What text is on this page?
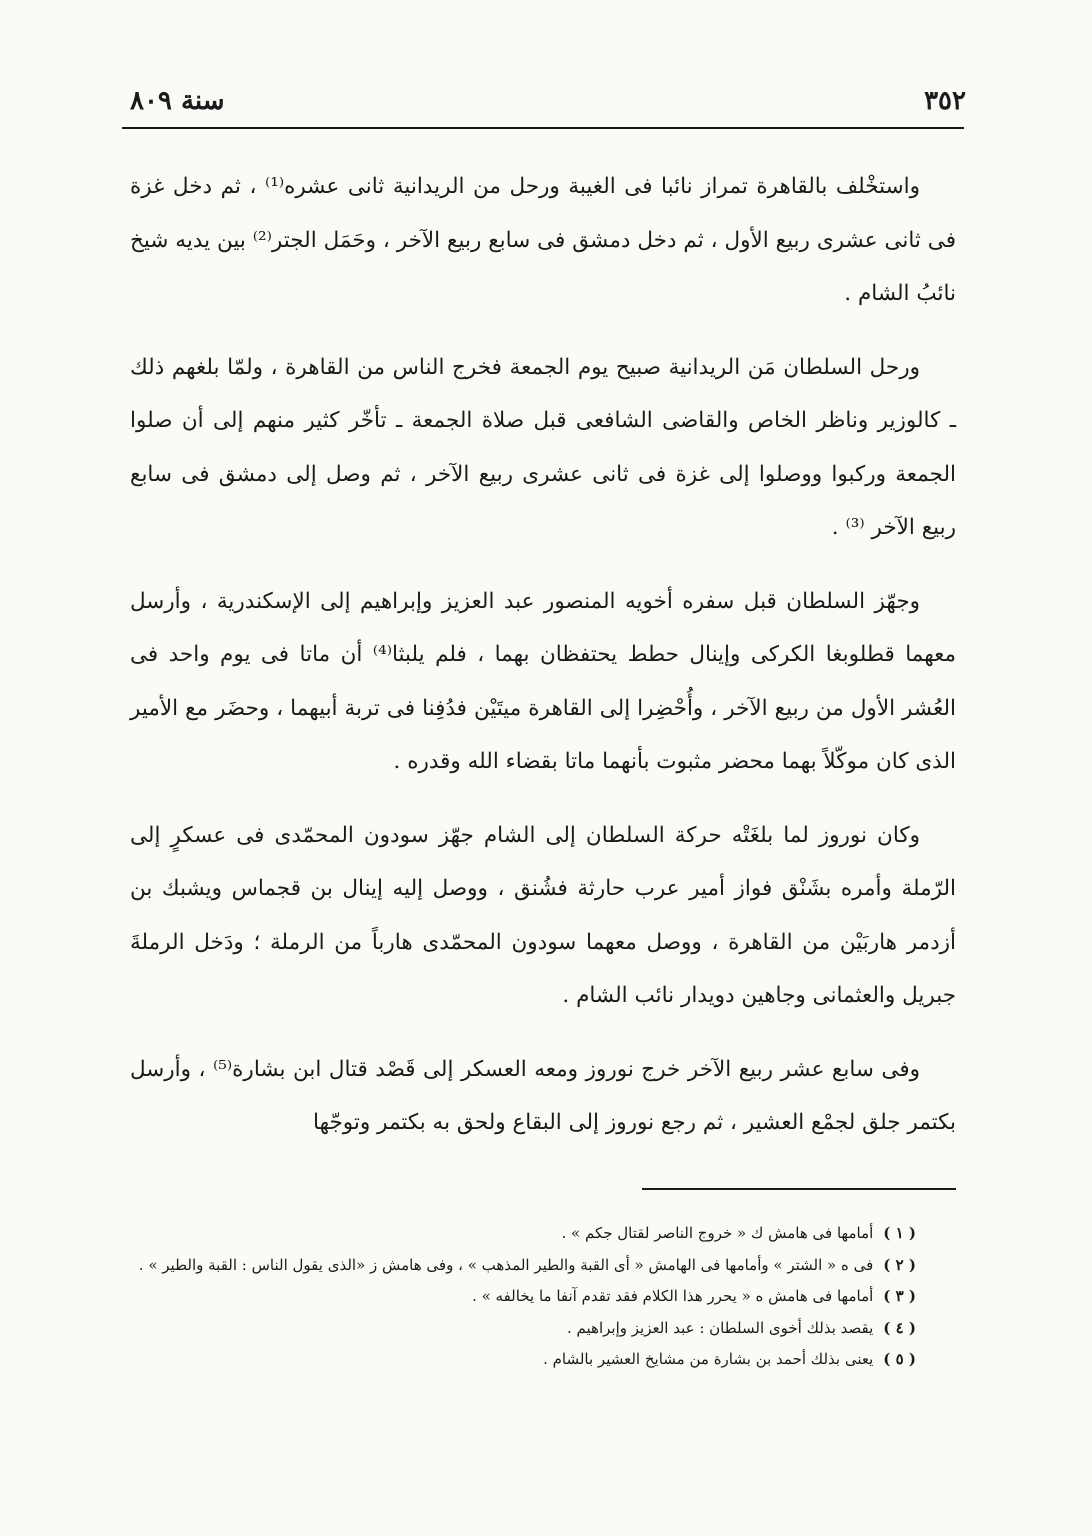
سنة ٨٠٩	٣٥٢

واستخْلف بالقاهرة تمراز نائبا فى الغيبة ورحل من الريدانية ثانى عشره⁽¹⁾ ، ثم دخل غزة فى ثانى عشرى ربيع الأول ، ثم دخل دمشق فى سابع ربيع الآخر ، وحَمَل الجتر⁽²⁾ بين يديه شيخ نائبُ الشام .

ورحل السلطان مَن الريدانية صبيح يوم الجمعة فخرج الناس من القاهرة ، ولمّا بلغهم ذلك ـ كالوزير وناظر الخاص والقاضى الشافعى قبل صلاة الجمعة ـ تأخّر كثير منهم إلى أن صلوا الجمعة وركبوا ووصلوا إلى غزة فى ثانى عشرى ربيع الآخر ، ثم وصل إلى دمشق فى سابع ربيع الآخر ⁽³⁾ .

وجهّز السلطان قبل سفره أخويه المنصور عبد العزيز وإبراهيم إلى الإسكندرية ، وأرسل معهما قطلوبغا الكركى وإينال حطط يحتفظان بهما ، فلم يلبثا⁽⁴⁾ أن ماتا فى يوم واحد فى العُشر الأول من ربيع الآخر ، وأُحْضِرا إلى القاهرة ميتَيْن فدُفِنا فى تربة أبيهما ، وحضَر مع الأمير الذى كان موكّلاً بهما محضر مثبوت بأنهما ماتا بقضاء الله وقدره .

وكان نوروز لما بلغَتْه حركة السلطان إلى الشام جهّز سودون المحمّدى فى عسكرٍ إلى الرّملة وأمره بشَنْق فواز أمير عرب حارثة فشُنق ، ووصل إليه إينال بن قجماس ويشبك بن أزدمر هاربَيْن من القاهرة ، ووصل معهما سودون المحمّدى هارباً من الرملة ؛ ودَخل الرملةَ جبريل والعثمانى وجاهين دويدار نائب الشام .

وفى سابع عشر ربيع الآخر خرج نوروز ومعه العسكر إلى قَصْد قتال ابن بشارة⁽⁵⁾ ، وأرسل بكتمر جلق لجمْع العشير ، ثم رجع نوروز إلى البقاع ولحق به بكتمر وتوجّها

( ١ )أمامها فى هامش ك « خروج الناصر لقتال جكم » .
( ٢ )فى ه « الشتر » وأمامها فى الهامش « أى القبة والطير المذهب » ، وفى هامش ز «الذى يقول الناس : القبة والطير » .
( ٣ )أمامها فى هامش ه « يحرر هذا الكلام فقد تقدم آنفا ما يخالفه » .
( ٤ )يقصد بذلك أخوى السلطان : عبد العزيز وإبراهيم .
( ٥ )يعنى بذلك أحمد بن بشارة من مشايخ العشير بالشام .
